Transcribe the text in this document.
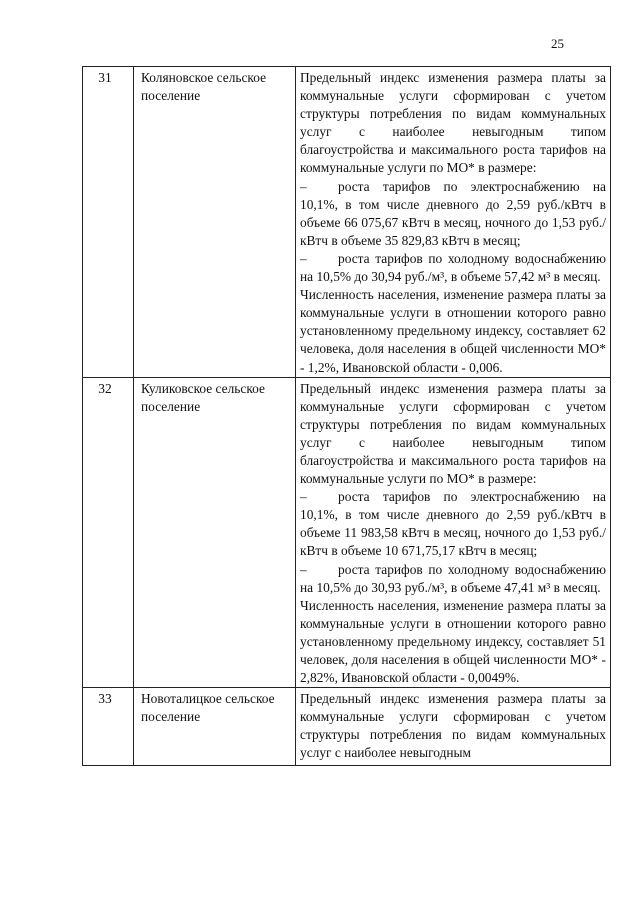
25
31	Коляновское сельское поселение	Предельный индекс изменения размера платы за коммунальные услуги сформирован с учетом структуры потребления по видам коммунальных услуг с наиболее невыгодным типом благоустройства и максимального роста тарифов на коммунальные услуги по МО* в размере:

– роста тарифов по электроснабжению на 10,1%, в том числе дневного до 2,59 руб./кВтч в объеме 66 075,67 кВтч в месяц, ночного до 1,53 руб./кВтч в объеме 35 829,83 кВтч в месяц;

– роста тарифов по холодному водоснабжению на 10,5% до 30,94 руб./м³, в объеме 57,42 м³ в месяц.

Численность населения, изменение размера платы за коммунальные услуги в отношении которого равно установленному предельному индексу, составляет 62 человека, доля населения в общей численности МО* - 1,2%, Ивановской области - 0,006.

32	Куликовское сельское поселение	Предельный индекс изменения размера платы за коммунальные услуги сформирован с учетом структуры потребления по видам коммунальных услуг с наиболее невыгодным типом благоустройства и максимального роста тарифов на коммунальные услуги по МО* в размере:

– роста тарифов по электроснабжению на 10,1%, в том числе дневного до 2,59 руб./кВтч в объеме 11 983,58 кВтч в месяц, ночного до 1,53 руб./кВтч в объеме 10 671,75,17 кВтч в месяц;

– роста тарифов по холодному водоснабжению на 10,5% до 30,93 руб./м³, в объеме 47,41 м³ в месяц.

Численность населения, изменение размера платы за коммунальные услуги в отношении которого равно установленному предельному индексу, составляет 51 человек, доля населения в общей численности МО* - 2,82%, Ивановской области - 0,0049%.

33	Новоталицкое сельское поселение	Предельный индекс изменения размера платы за коммунальные услуги сформирован с учетом структуры потребления по видам коммунальных услуг с наиболее невыгодным
